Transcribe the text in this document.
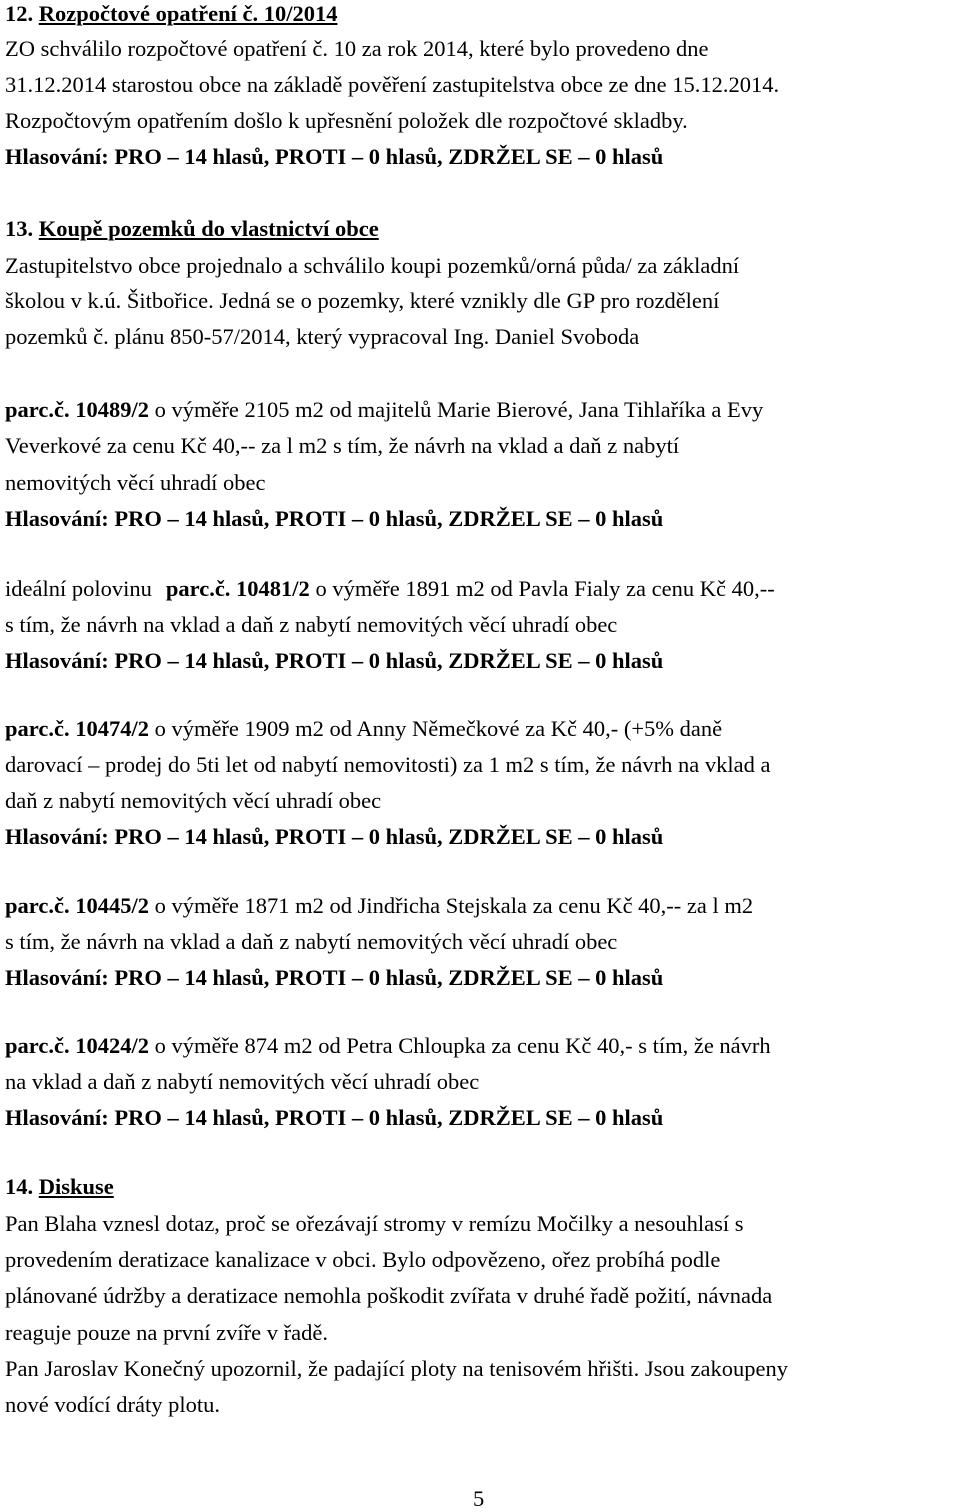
12. Rozpočtové opatření č. 10/2014
ZO schválilo rozpočtové opatření č. 10 za rok 2014, které bylo provedeno dne
31.12.2014 starostou obce na základě pověření zastupitelstva obce ze dne 15.12.2014.
Rozpočtovým opatřením došlo k upřesnění položek dle rozpočtové skladby.
Hlasování: PRO – 14 hlasů, PROTI – 0 hlasů, ZDRŽEL SE – 0 hlasů
13. Koupě pozemků do vlastnictví obce
Zastupitelstvo obce projednalo a schválilo koupi pozemků/orná půda/ za základní
školou v k.ú. Šitbořice. Jedná se o pozemky, které vznikly dle GP pro rozdělení
pozemků č. plánu 850-57/2014, který vypracoval Ing. Daniel Svoboda
parc.č. 10489/2 o výměře 2105 m2 od majitelů Marie Bierové, Jana Tihlaříka a Evy
Veverkové za cenu Kč 40,-- za l m2 s tím, že návrh na vklad a daň z nabytí
nemovitých věcí uhradí obec
Hlasování: PRO – 14 hlasů, PROTI – 0 hlasů, ZDRŽEL SE – 0 hlasů
ideální polovinu parc.č. 10481/2 o výměře 1891 m2 od Pavla Fialy za cenu Kč 40,--
s tím, že návrh na vklad a daň z nabytí nemovitých věcí uhradí obec
Hlasování: PRO – 14 hlasů, PROTI – 0 hlasů, ZDRŽEL SE – 0 hlasů
parc.č. 10474/2 o výměře 1909 m2 od Anny Němečkové za Kč 40,- (+5% daně
darovací – prodej do 5ti let od nabytí nemovitosti) za 1 m2 s tím, že návrh na vklad a
daň z nabytí nemovitých věcí uhradí obec
Hlasování: PRO – 14 hlasů, PROTI – 0 hlasů, ZDRŽEL SE – 0 hlasů
parc.č. 10445/2 o výměře 1871 m2 od Jindřicha Stejskala za cenu Kč 40,-- za l m2
s tím, že návrh na vklad a daň z nabytí nemovitých věcí uhradí obec
Hlasování: PRO – 14 hlasů, PROTI – 0 hlasů, ZDRŽEL SE – 0 hlasů
parc.č. 10424/2 o výměře 874 m2 od Petra Chloupka za cenu Kč 40,- s tím, že návrh
na vklad a daň z nabytí nemovitých věcí uhradí obec
Hlasování: PRO – 14 hlasů, PROTI – 0 hlasů, ZDRŽEL SE – 0 hlasů
14. Diskuse
Pan Blaha vznesl dotaz, proč se ořezávají stromy v remízu Močilky a nesouhlasí s
provedením deratizace kanalizace v obci. Bylo odpovězeno, ořez probíhá podle
plánované údržby a deratizace nemohla poškodit zvířata v druhé řadě požití, návnada
reaguje pouze na první zvíře v řadě.
Pan Jaroslav Konečný upozornil, že padající ploty na tenisovém hřišti. Jsou zakoupeny
nové vodící dráty plotu.
5
